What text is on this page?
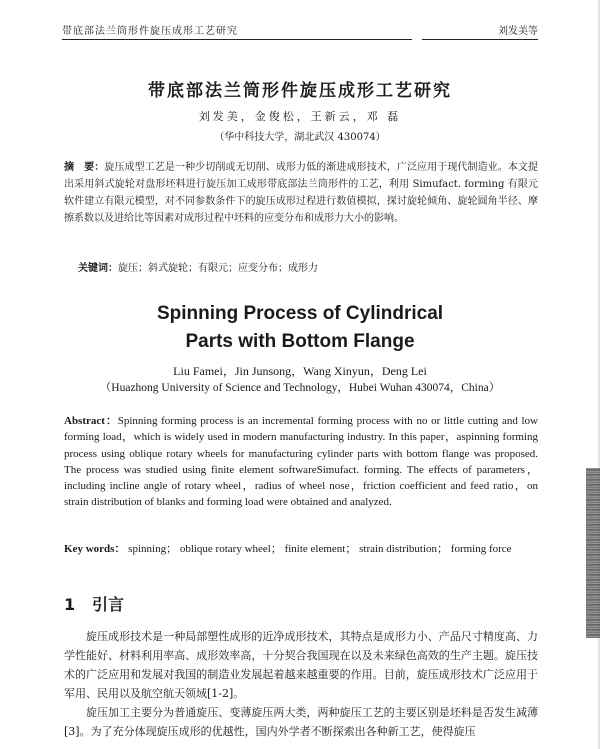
带底部法兰筒形件旋压成形工艺研究	刘发美等
带底部法兰筒形件旋压成形工艺研究
刘发美，金俊松，王新云，邓 磊
（华中科技大学，湖北武汉 430074）
摘　要：旋压成型工艺是一种少切削或无切削、成形力低的渐进成形技术，广泛应用于现代制造业。本文提出采用斜式旋轮对盘形坯料进行旋压加工成形带底部法兰筒形件的工艺，利用 Simufact. forming 有限元软件建立有限元模型，对不同参数条件下的旋压成形过程进行数值模拟，探讨旋轮倾角、旋轮圆角半径、摩擦系数以及进给比等因素对成形过程中坯料的应变分布和成形力大小的影响。
关键词：旋压；斜式旋轮；有限元；应变分布；成形力
Spinning Process of Cylindrical
Parts with Bottom Flange
Liu Famei，Jin Junsong，Wang Xinyun，Deng Lei
（Huazhong University of Science and Technology，Hubei Wuhan 430074，China）
Abstract：Spinning forming process is an incremental forming process with no or little cutting and low forming load，which is widely used in modern manufacturing industry. In this paper，aspinning forming process using oblique rotary wheels for manufacturing cylinder parts with bottom flange was proposed. The process was studied using finite element softwareSimufact. forming. The effects of parameters，including incline angle of rotary wheel，radius of wheel nose，friction coefficient and feed ratio，on strain distribution of blanks and forming load were obtained and analyzed.
Key words： spinning； oblique rotary wheel； finite element； strain distribution； forming force
1 引言

旋压成形技术是一种局部塑性成形的近净成形技术，其特点是成形力小、产品尺寸精度高、力学性能好、材料利用率高、成形效率高，十分契合我国现在以及未来绿色高效的生产主题。旋压技术的广泛应用和发展对我国的制造业发展起着越来越重要的作用。目前，旋压成形技术广泛应用于军用、民用以及航空航天领域[1-2]。

旋压加工主要分为普通旋压、变薄旋压两大类，两种旋压工艺的主要区别是坯料是否发生减薄[3]。为了充分体现旋压成形的优越性，国内外学者不断探索出各种新工艺，使得旋压
